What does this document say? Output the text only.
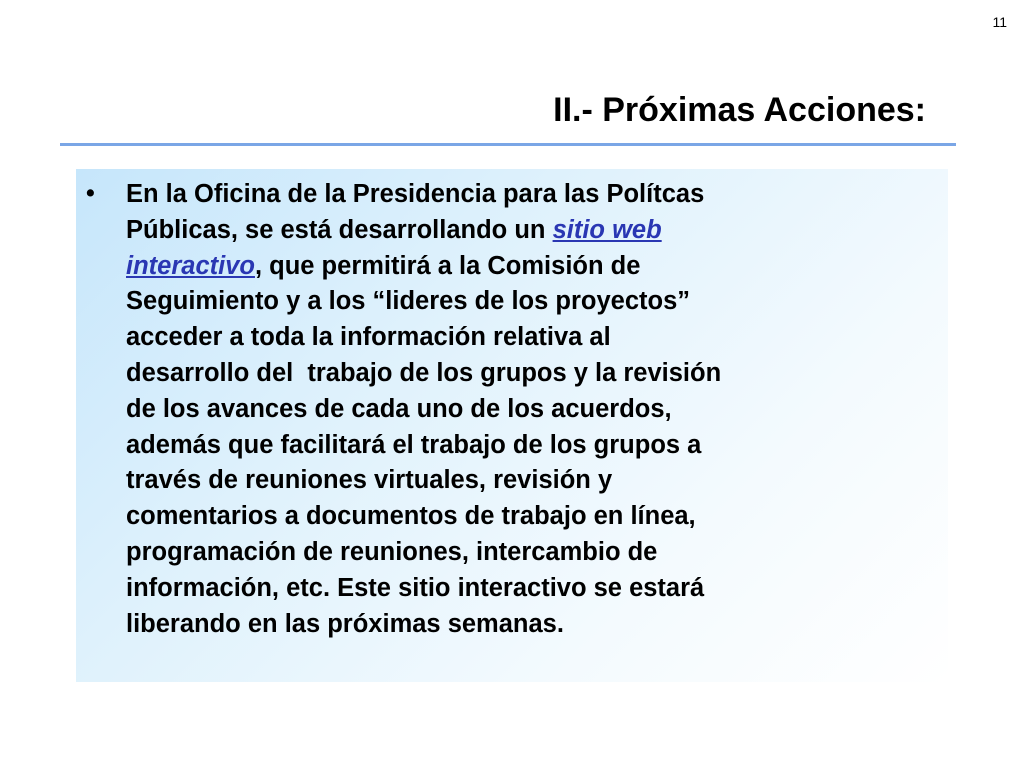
11
II.- Próximas Acciones:
• En la Oficina de la Presidencia para las Polítcas
Públicas, se está desarrollando un sitio web
interactivo, que permitirá a la Comisión de
Seguimiento y a los “lideres de los proyectos”
acceder a toda la información relativa al
desarrollo del  trabajo de los grupos y la revisión
de los avances de cada uno de los acuerdos,
además que facilitará el trabajo de los grupos a
través de reuniones virtuales, revisión y
comentarios a documentos de trabajo en línea,
programación de reuniones, intercambio de
información, etc. Este sitio interactivo se estará
liberando en las próximas semanas.
